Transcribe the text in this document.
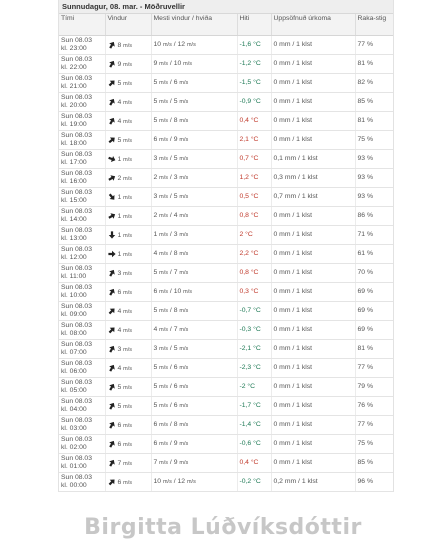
Sunnudagur, 08. mar. - Möðruvellir
Tími	Vindur	Mesti vindur / hviða	Hiti	Uppsöfnuð úrkoma	Raka-stig
Sun 08.03
kl. 23:00	8 m/s	10 m/s / 12 m/s	-1,6 °C	0 mm / 1 klst	77 %
Sun 08.03
kl. 22:00	9 m/s	9 m/s / 10 m/s	-1,2 °C	0 mm / 1 klst	81 %
Sun 08.03
kl. 21:00	5 m/s	5 m/s / 6 m/s	-1,5 °C	0 mm / 1 klst	82 %
Sun 08.03
kl. 20:00	4 m/s	5 m/s / 5 m/s	-0,9 °C	0 mm / 1 klst	85 %
Sun 08.03
kl. 19:00	4 m/s	5 m/s / 8 m/s	0,4 °C	0 mm / 1 klst	81 %
Sun 08.03
kl. 18:00	5 m/s	6 m/s / 9 m/s	2,1 °C	0 mm / 1 klst	75 %
Sun 08.03
kl. 17:00	1 m/s	3 m/s / 5 m/s	0,7 °C	0,1 mm / 1 klst	93 %
Sun 08.03
kl. 16:00	2 m/s	2 m/s / 3 m/s	1,2 °C	0,3 mm / 1 klst	93 %
Sun 08.03
kl. 15:00	1 m/s	3 m/s / 5 m/s	0,5 °C	0,7 mm / 1 klst	93 %
Sun 08.03
kl. 14:00	1 m/s	2 m/s / 4 m/s	0,8 °C	0 mm / 1 klst	86 %
Sun 08.03
kl. 13:00	1 m/s	1 m/s / 3 m/s	2 °C	0 mm / 1 klst	71 %
Sun 08.03
kl. 12:00	1 m/s	4 m/s / 8 m/s	2,2 °C	0 mm / 1 klst	61 %
Sun 08.03
kl. 11:00	3 m/s	5 m/s / 7 m/s	0,8 °C	0 mm / 1 klst	70 %
Sun 08.03
kl. 10:00	6 m/s	6 m/s / 10 m/s	0,3 °C	0 mm / 1 klst	69 %
Sun 08.03
kl. 09:00	4 m/s	5 m/s / 8 m/s	-0,7 °C	0 mm / 1 klst	69 %
Sun 08.03
kl. 08:00	4 m/s	4 m/s / 7 m/s	-0,3 °C	0 mm / 1 klst	69 %
Sun 08.03
kl. 07:00	3 m/s	3 m/s / 5 m/s	-2,1 °C	0 mm / 1 klst	81 %
Sun 08.03
kl. 06:00	4 m/s	5 m/s / 6 m/s	-2,3 °C	0 mm / 1 klst	77 %
Sun 08.03
kl. 05:00	5 m/s	5 m/s / 6 m/s	-2 °C	0 mm / 1 klst	79 %
Sun 08.03
kl. 04:00	5 m/s	5 m/s / 6 m/s	-1,7 °C	0 mm / 1 klst	76 %
Sun 08.03
kl. 03:00	6 m/s	6 m/s / 8 m/s	-1,4 °C	0 mm / 1 klst	77 %
Sun 08.03
kl. 02:00	6 m/s	6 m/s / 9 m/s	-0,6 °C	0 mm / 1 klst	75 %
Sun 08.03
kl. 01:00	7 m/s	7 m/s / 9 m/s	0,4 °C	0 mm / 1 klst	85 %
Sun 08.03
kl. 00:00	6 m/s	10 m/s / 12 m/s	-0,2 °C	0,2 mm / 1 klst	96 %
Birgitta Lúðvíksdóttir
